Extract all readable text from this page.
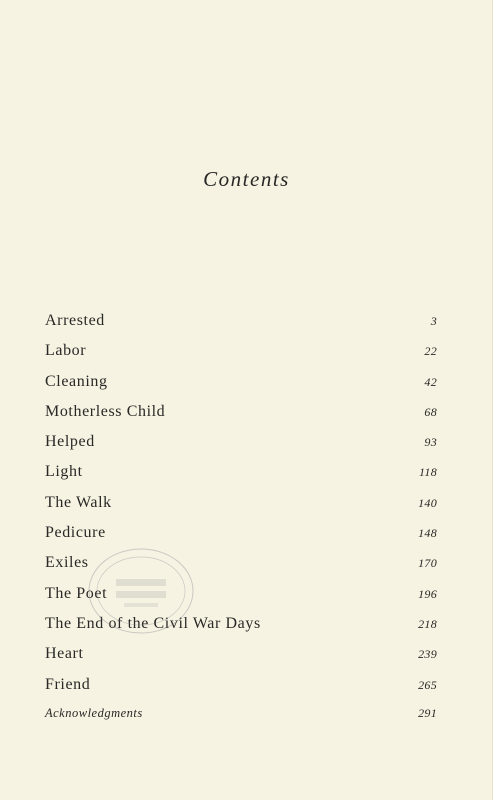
Contents
Arrested	3
Labor	22
Cleaning	42
Motherless Child	68
Helped	93
Light	118
The Walk	140
Pedicure	148
Exiles	170
The Poet	196
The End of the Civil War Days	218
Heart	239
Friend	265
Acknowledgments	291
